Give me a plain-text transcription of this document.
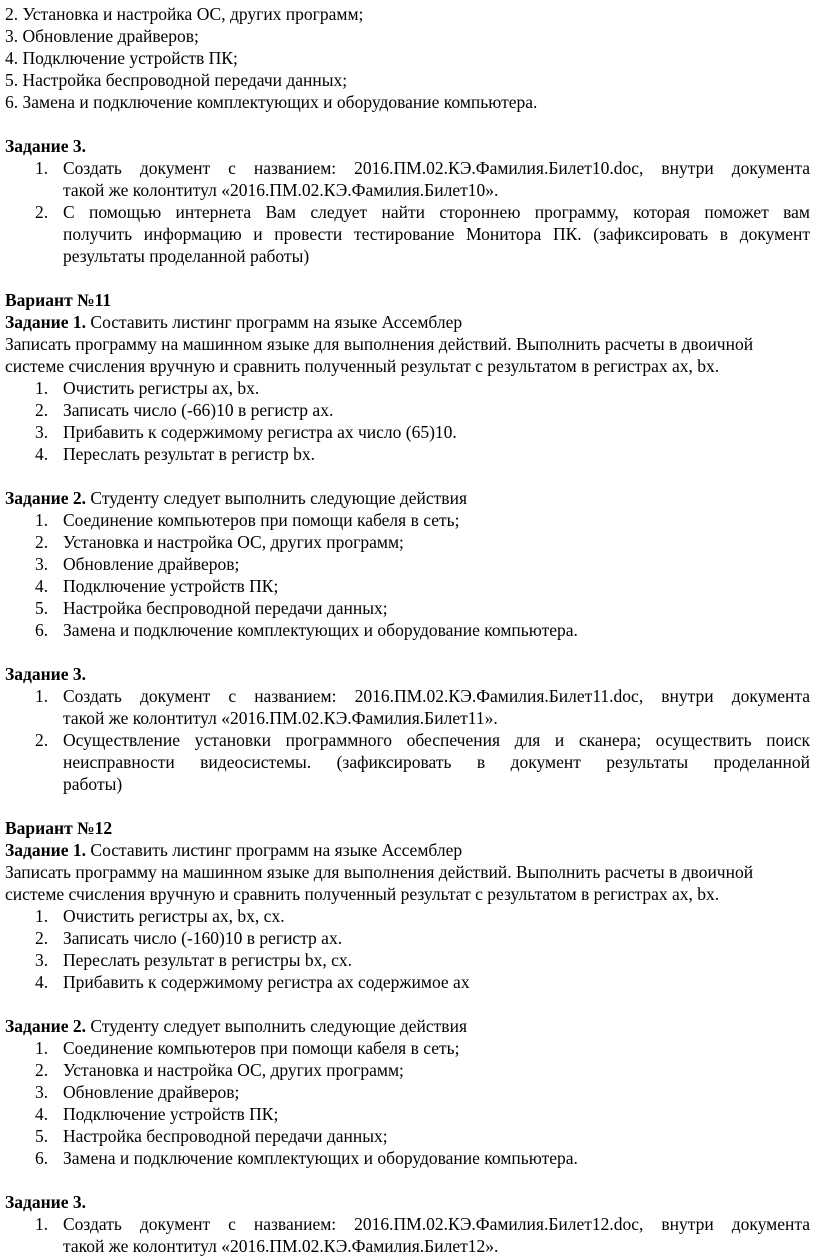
2. Установка и настройка ОС, других программ;

3. Обновление драйверов;

4. Подключение устройств ПК;

5. Настройка беспроводной передачи данных;

6. Замена и подключение комплектующих и оборудование компьютера.

Задание 3.

1. Создать документ с названием: 2016.ПМ.02.КЭ.Фамилия.Билет10.doc, внутри документа
такой же колонтитул «2016.ПМ.02.КЭ.Фамилия.Билет10».
2. С помощью интернета Вам следует найти стороннею программу, которая поможет вам
получить информацию и провести тестирование Монитора ПК. (зафиксировать в документ
результаты проделанной работы)

Вариант №11

Задание 1. Составить листинг программ на языке Ассемблер

Записать программу на машинном языке для выполнения действий. Выполнить расчеты в двоичной

системе счисления вручную и сравнить полученный результат с результатом в регистрах ax, bx.

1. Очистить регистры ax, bx.
2. Записать число (-66)10 в регистр ax.
3. Прибавить к содержимому регистра ax число (65)10.
4. Переслать результат в регистр bx.

Задание 2. Студенту следует выполнить следующие действия

1. Соединение компьютеров при помощи кабеля в сеть;
2. Установка и настройка ОС, других программ;
3. Обновление драйверов;
4. Подключение устройств ПК;
5. Настройка беспроводной передачи данных;
6. Замена и подключение комплектующих и оборудование компьютера.

Задание 3.

1. Создать документ с названием: 2016.ПМ.02.КЭ.Фамилия.Билет11.doc, внутри документа
такой же колонтитул «2016.ПМ.02.КЭ.Фамилия.Билет11».
2. Осуществление установки программного обеспечения для и сканера; осуществить поиск
неисправности видеосистемы. (зафиксировать в документ результаты проделанной
работы)

Вариант №12

Задание 1. Составить листинг программ на языке Ассемблер

Записать программу на машинном языке для выполнения действий. Выполнить расчеты в двоичной

системе счисления вручную и сравнить полученный результат с результатом в регистрах ax, bx.

1. Очистить регистры ax, bx, cx.
2. Записать число (-160)10 в регистр ax.
3. Переслать результат в регистры bx, cx.
4. Прибавить к содержимому регистра ax содержимое ax

Задание 2. Студенту следует выполнить следующие действия

1. Соединение компьютеров при помощи кабеля в сеть;
2. Установка и настройка ОС, других программ;
3. Обновление драйверов;
4. Подключение устройств ПК;
5. Настройка беспроводной передачи данных;
6. Замена и подключение комплектующих и оборудование компьютера.

Задание 3.

1. Создать документ с названием: 2016.ПМ.02.КЭ.Фамилия.Билет12.doc, внутри документа
такой же колонтитул «2016.ПМ.02.КЭ.Фамилия.Билет12».
